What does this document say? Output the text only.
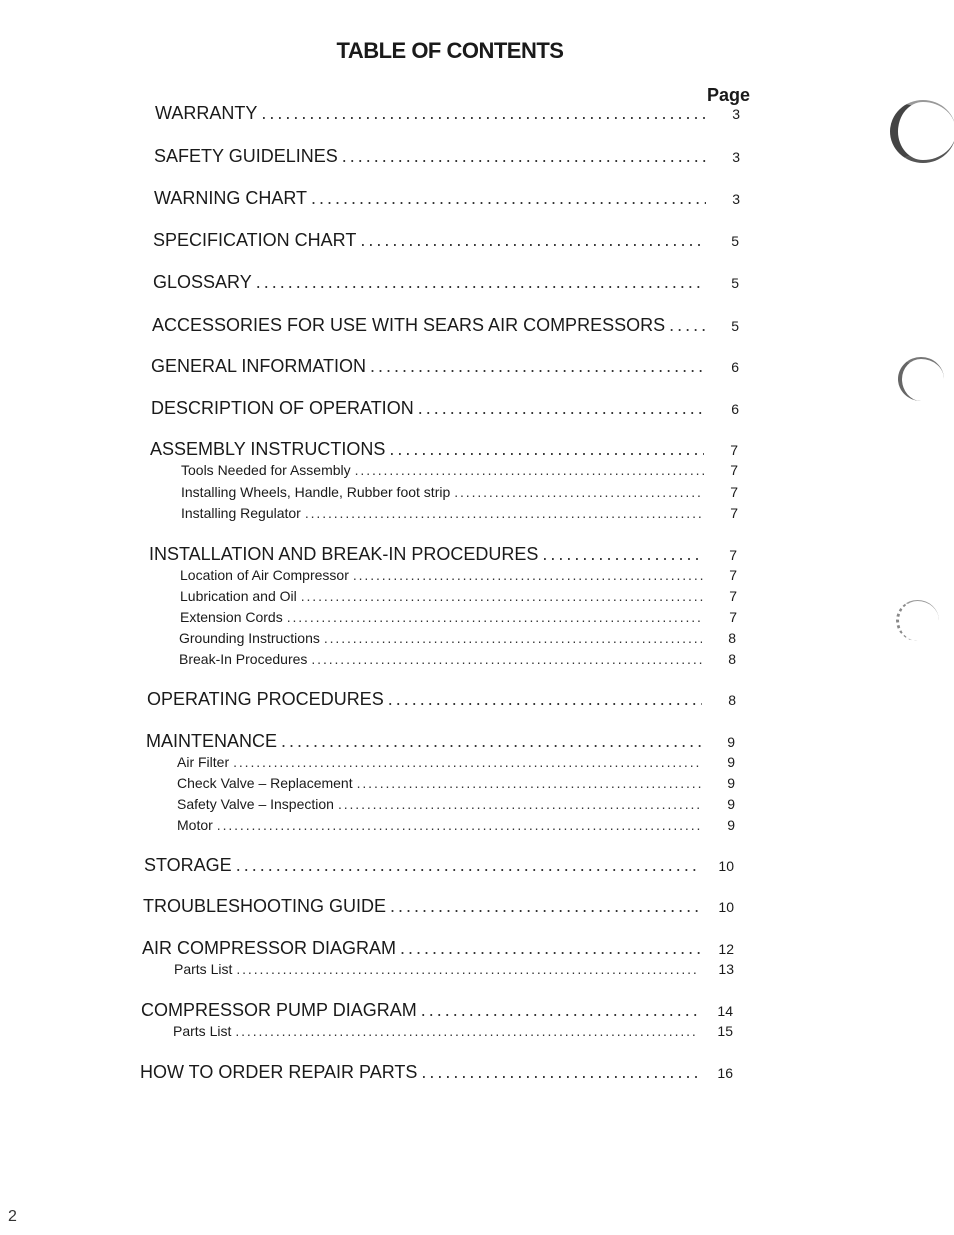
TABLE OF CONTENTS
Page
WARRANTY . . .	3
SAFETY GUIDELINES . . .	3
WARNING CHART . . .	3
SPECIFICATION CHART . . .	5
GLOSSARY . . .	5
ACCESSORIES FOR USE WITH SEARS AIR COMPRESSORS . . .	5
GENERAL INFORMATION . . .	6
DESCRIPTION OF OPERATION . . .	6
ASSEMBLY INSTRUCTIONS . . .	7
Tools Needed for Assembly . . .	7
Installing Wheels, Handle, Rubber foot strip . . .	7
Installing Regulator . . .	7
INSTALLATION AND BREAK-IN PROCEDURES . . .	7
Location of Air Compressor . . .	7
Lubrication and Oil . . .	7
Extension Cords . . .	7
Grounding Instructions . . .	8
Break-In Procedures . . .	8
OPERATING PROCEDURES . . .	8
MAINTENANCE . . .	9
Air Filter . . .	9
Check Valve – Replacement . . .	9
Safety Valve – Inspection . . .	9
Motor . . .	9
STORAGE . . .	10
TROUBLESHOOTING GUIDE . . .	10
AIR COMPRESSOR DIAGRAM . . .	12
Parts List . . .	13
COMPRESSOR PUMP DIAGRAM . . .	14
Parts List . . .	15
HOW TO ORDER REPAIR PARTS . . .	16
2
